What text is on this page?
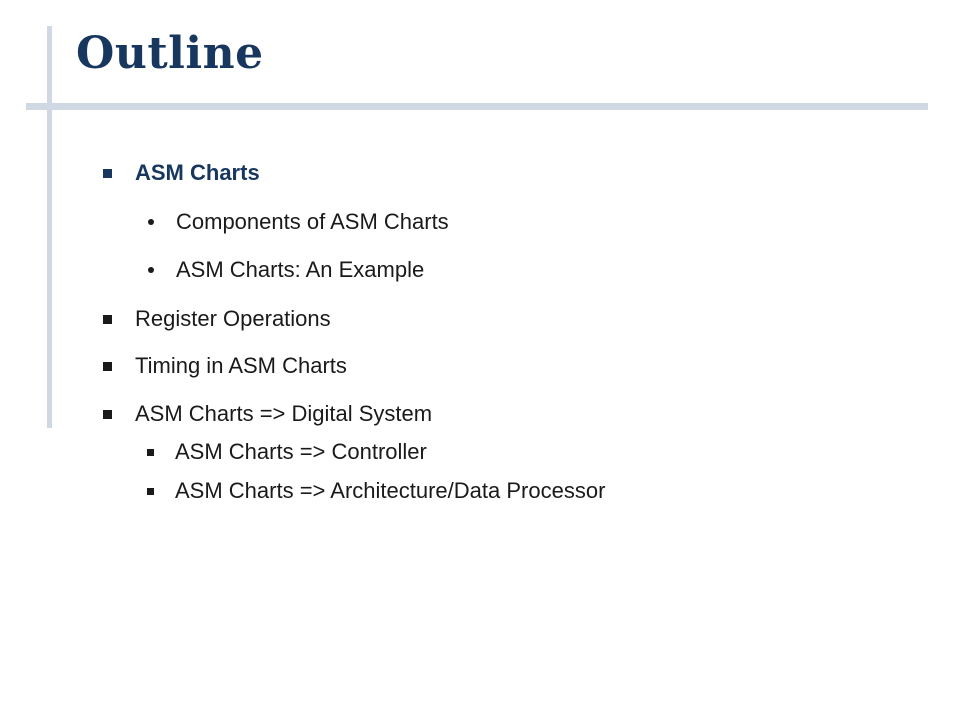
Outline
ASM Charts
Components of ASM Charts
ASM Charts: An Example
Register Operations
Timing in ASM Charts
ASM Charts => Digital System
ASM Charts => Controller
ASM Charts => Architecture/Data Processor
